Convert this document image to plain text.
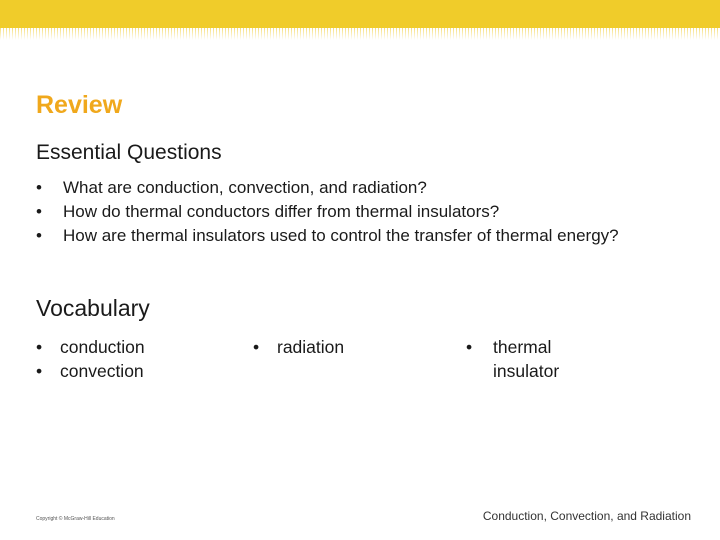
Review
Essential Questions
• What are conduction, convection, and radiation?
• How do thermal conductors differ from thermal insulators?
• How are thermal insulators used to control the transfer of thermal energy?
Vocabulary
• conduction
• convection
• radiation	• thermal insulator
Copyright © McGraw-Hill Education	Conduction, Convection, and Radiation
